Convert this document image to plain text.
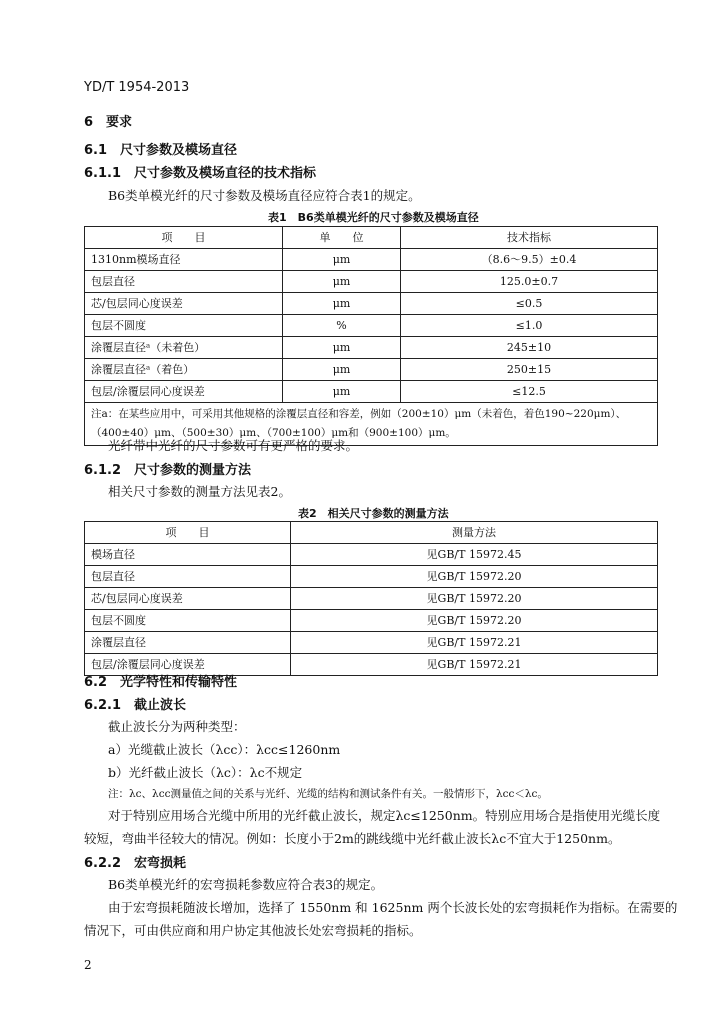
YD/T 1954-2013
6　要求
6.1　尺寸参数及模场直径
6.1.1　尺寸参数及模场直径的技术指标
B6类单模光纤的尺寸参数及模场直径应符合表1的规定。
表1　B6类单模光纤的尺寸参数及模场直径
项　　目	单　　位	技术指标
1310nm模场直径	μm	（8.6～9.5）±0.4
包层直径	μm	125.0±0.7
芯/包层同心度误差	μm	≤0.5
包层不圆度	%	≤1.0
涂覆层直径ᵃ（未着色）	μm	245±10
涂覆层直径ᵃ（着色）	μm	250±15
包层/涂覆层同心度误差	μm	≤12.5
注a：在某些应用中，可采用其他规格的涂覆层直径和容差，例如（200±10）μm（未着色，着色190~220μm）、（400±40）μm、（500±30）μm、（700±100）μm和（900±100）μm。		
光纤带中光纤的尺寸参数可有更严格的要求。
6.1.2　尺寸参数的测量方法
相关尺寸参数的测量方法见表2。
表2　相关尺寸参数的测量方法
项　　目	测量方法
模场直径	见GB/T 15972.45
包层直径	见GB/T 15972.20
芯/包层同心度误差	见GB/T 15972.20
包层不圆度	见GB/T 15972.20
涂覆层直径	见GB/T 15972.21
包层/涂覆层同心度误差	见GB/T 15972.21
6.2　光学特性和传输特性
6.2.1　截止波长
截止波长分为两种类型：
a）光缆截止波长（λcc）：λcc≤1260nm
b）光纤截止波长（λc）：λc不规定
注：λc、λcc测量值之间的关系与光纤、光缆的结构和测试条件有关。一般情形下，λcc＜λc。
对于特别应用场合光缆中所用的光纤截止波长，规定λc≤1250nm。特别应用场合是指使用光缆长度
较短，弯曲半径较大的情况。例如：长度小于2m的跳线缆中光纤截止波长λc不宜大于1250nm。
6.2.2　宏弯损耗
B6类单模光纤的宏弯损耗参数应符合表3的规定。
由于宏弯损耗随波长增加，选择了 1550nm 和 1625nm 两个长波长处的宏弯损耗作为指标。在需要的
情况下，可由供应商和用户协定其他波长处宏弯损耗的指标。
2
